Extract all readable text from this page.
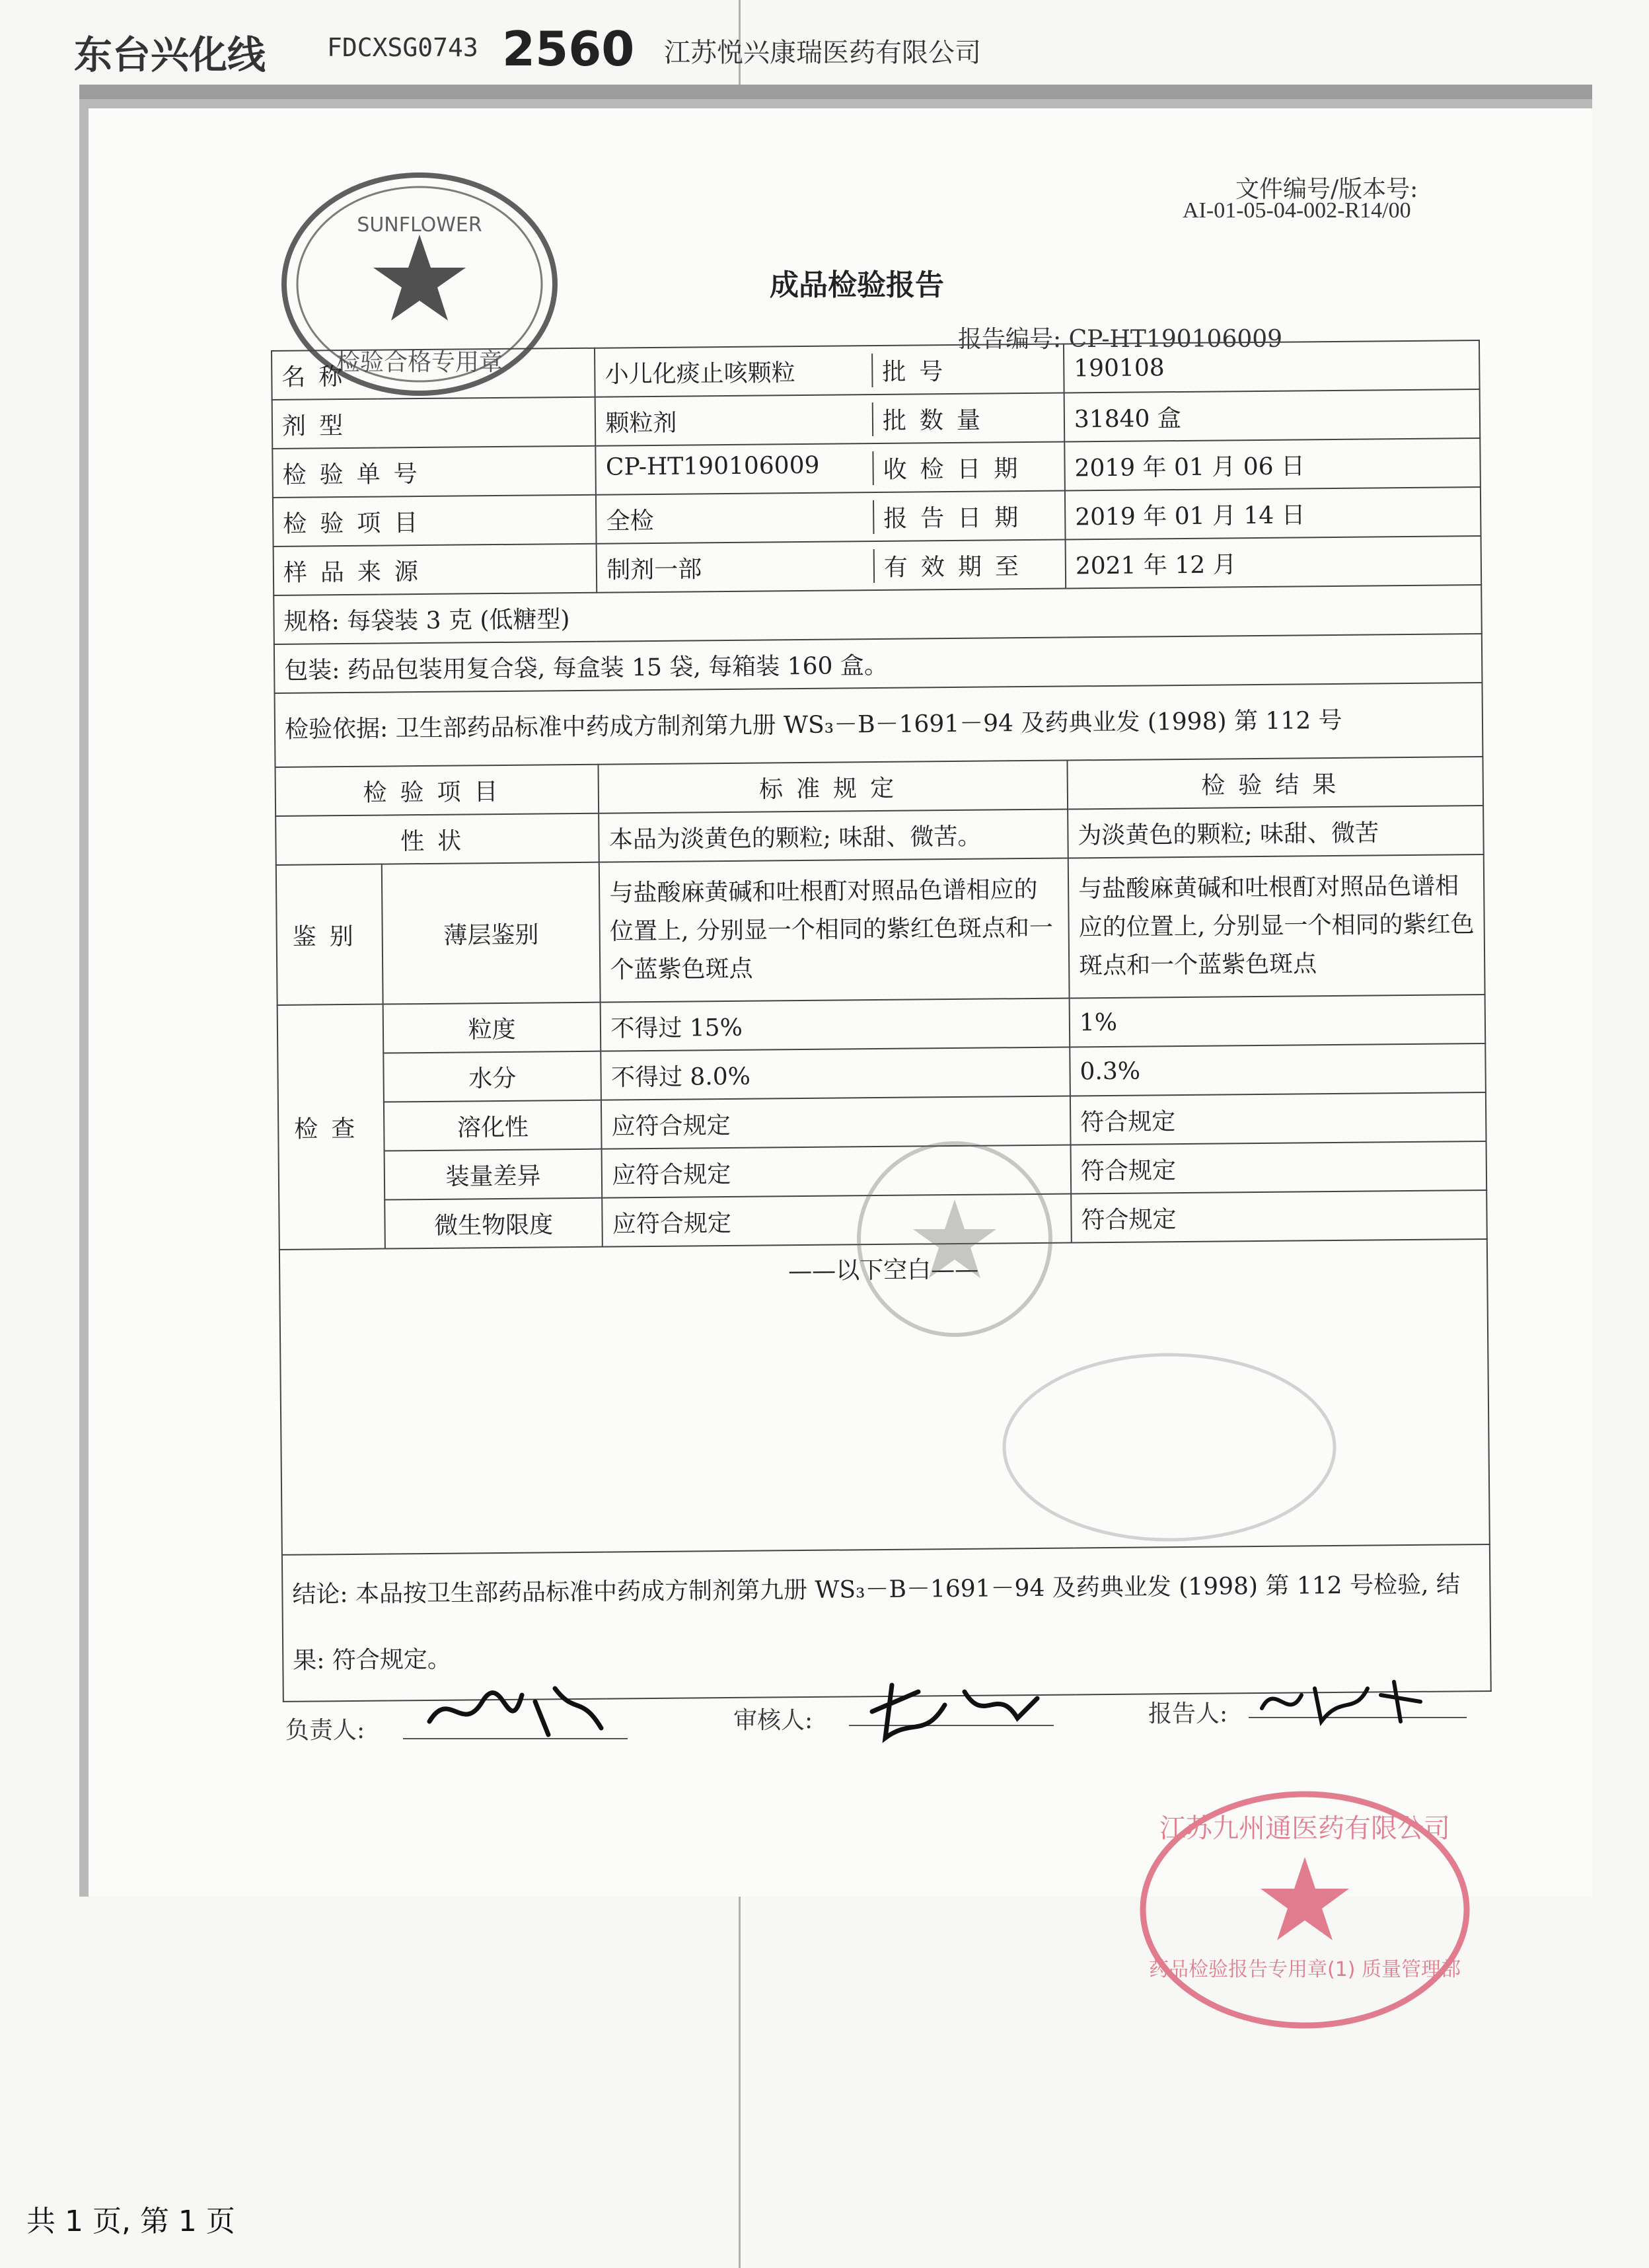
东台兴化线 FDCXSG0743 2560 江苏悦兴康瑞医药有限公司
SUNFLOWER
检验合格专用章
文件编号/版本号:
AI-01-05-04-002-R14/00
成品检验报告
报告编号: CP-HT190106009
名称		小儿化痰止咳颗粒 批号	190108
剂型		颗粒剂 批数量	31840 盒
检验单号		CP-HT190106009 收检日期	2019 年 01 月 06 日
检验项目		全检 报告日期	2019 年 01 月 14 日
样品来源		制剂一部 有效期至	2021 年 12 月
规格: 每袋装 3 克 (低糖型)			
包装: 药品包装用复合袋, 每盒装 15 袋, 每箱装 160 盒。			
检验依据: 卫生部药品标准中药成方制剂第九册 WS₃－B－1691－94 及药典业发 (1998) 第 112 号			
检验项目		标准规定	检验结果
性状		本品为淡黄色的颗粒; 味甜、微苦。	为淡黄色的颗粒; 味甜、微苦
鉴别	薄层鉴别	与盐酸麻黄碱和吐根酊对照品色谱相应的位置上, 分别显一个相同的紫红色斑点和一个蓝紫色斑点	与盐酸麻黄碱和吐根酊对照品色谱相应的位置上, 分别显一个相同的紫红色斑点和一个蓝紫色斑点
检查	粒度	不得过 15%	1%
	水分	不得过 8.0%	0.3%
	溶化性	应符合规定	符合规定
	装量差异	应符合规定	符合规定
	微生物限度	应符合规定	符合规定
——以下空白——			
结论: 本品按卫生部药品标准中药成方制剂第九册 WS₃－B－1691－94 及药典业发 (1998) 第 112 号检验, 结果: 符合规定。			
负责人:	审核人:	报告人:
江苏九州通医药有限公司
药品检验报告专用章(1) 质量管理部
共 1 页, 第 1 页
